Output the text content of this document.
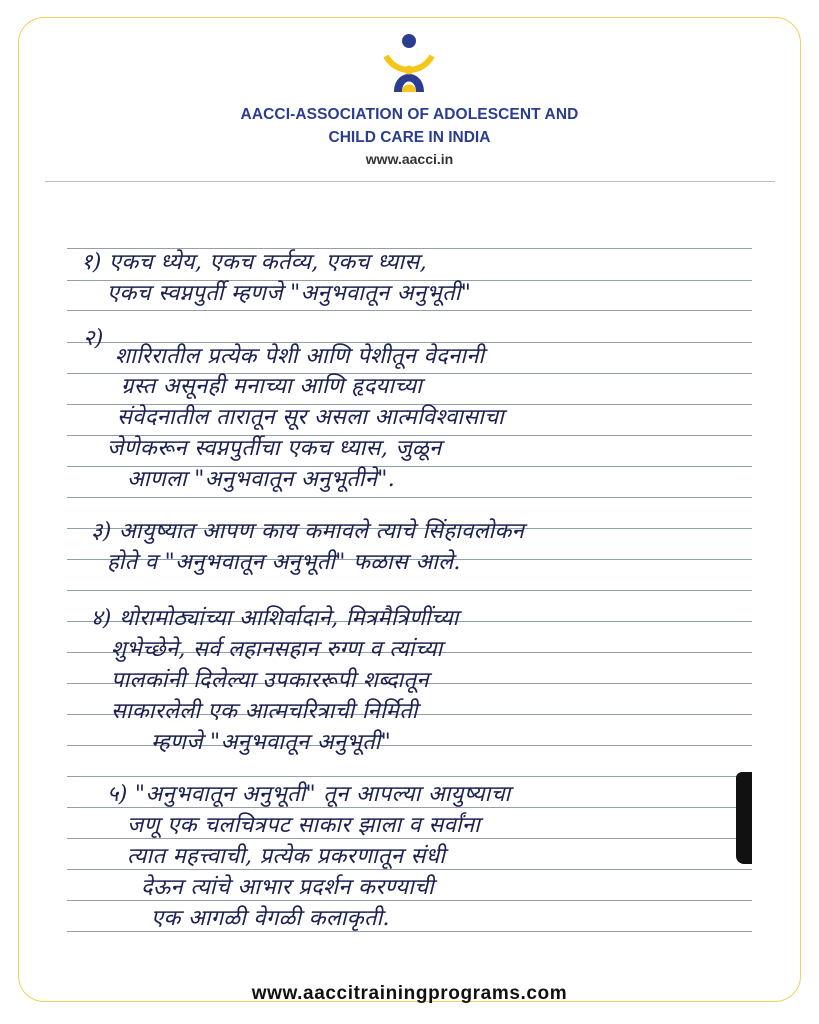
AACCI-ASSOCIATION OF ADOLESCENT AND
CHILD CARE IN INDIA
www.aacci.in
१) एकच ध्येय, एकच कर्तव्य, एकच ध्यास,
एकच स्वप्नपुर्ती म्हणजे "अनुभवातून अनुभूती"
२)
शारिरातील प्रत्येक पेशी आणि पेशीतून वेदनानी
ग्रस्त असूनही मनाच्या आणि हृदयाच्या
संवेदनातील तारातून सूर असला आत्मविश्वासाचा
जेणेकरून स्वप्नपुर्तीचा एकच ध्यास, जुळून
आणला "अनुभवातून अनुभूतीने".
३) आयुष्यात आपण काय कमावले त्याचे सिंहावलोकन
होते व "अनुभवातून अनुभूती" फळास आले.
४) थोरामोठ्यांच्या आशिर्वादाने, मित्रमैत्रिणींच्या
शुभेच्छेने, सर्व लहानसहान रुग्ण व त्यांच्या
पालकांनी दिलेल्या उपकाररूपी शब्दातून
साकारलेली एक आत्मचरित्राची निर्मिती
म्हणजे "अनुभवातून अनुभूती"
५) "अनुभवातून अनुभूती" तून आपल्या आयुष्याचा
जणू एक चलचित्रपट साकार झाला व सर्वांना
त्यात महत्त्वाची, प्रत्येक प्रकरणातून संधी
देऊन त्यांचे आभार प्रदर्शन करण्याची
एक आगळी वेगळी कलाकृती.
www.aaccitrainingprograms.com
